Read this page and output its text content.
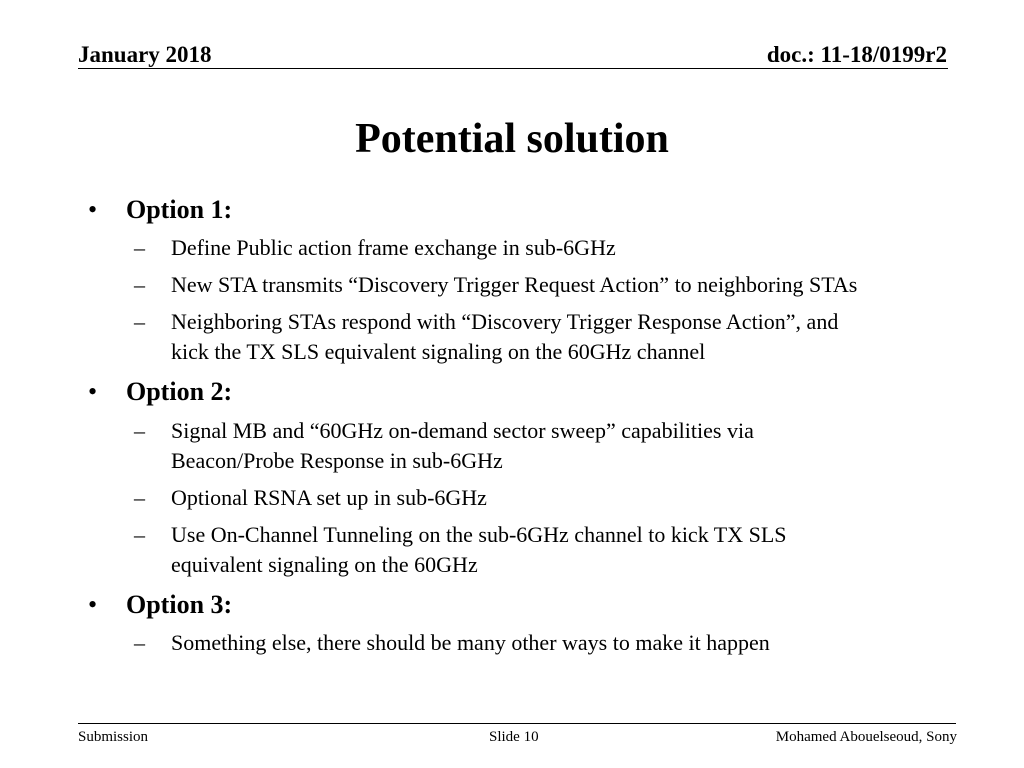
January 2018	doc.: 11-18/0199r2
Potential solution
• Option 1:
– Define Public action frame exchange in sub-6GHz
– New STA transmits “Discovery Trigger Request Action” to neighboring STAs
– Neighboring STAs respond with “Discovery Trigger Response Action”, and
kick the TX SLS equivalent signaling on the 60GHz channel
• Option 2:
– Signal MB and “60GHz on-demand sector sweep” capabilities via
Beacon/Probe Response in sub-6GHz
– Optional RSNA set up in sub-6GHz
– Use On-Channel Tunneling on the sub-6GHz channel to kick TX SLS
equivalent signaling on the 60GHz
• Option 3:
– Something else, there should be many other ways to make it happen
Submission	Slide 10	Mohamed Abouelseoud, Sony
